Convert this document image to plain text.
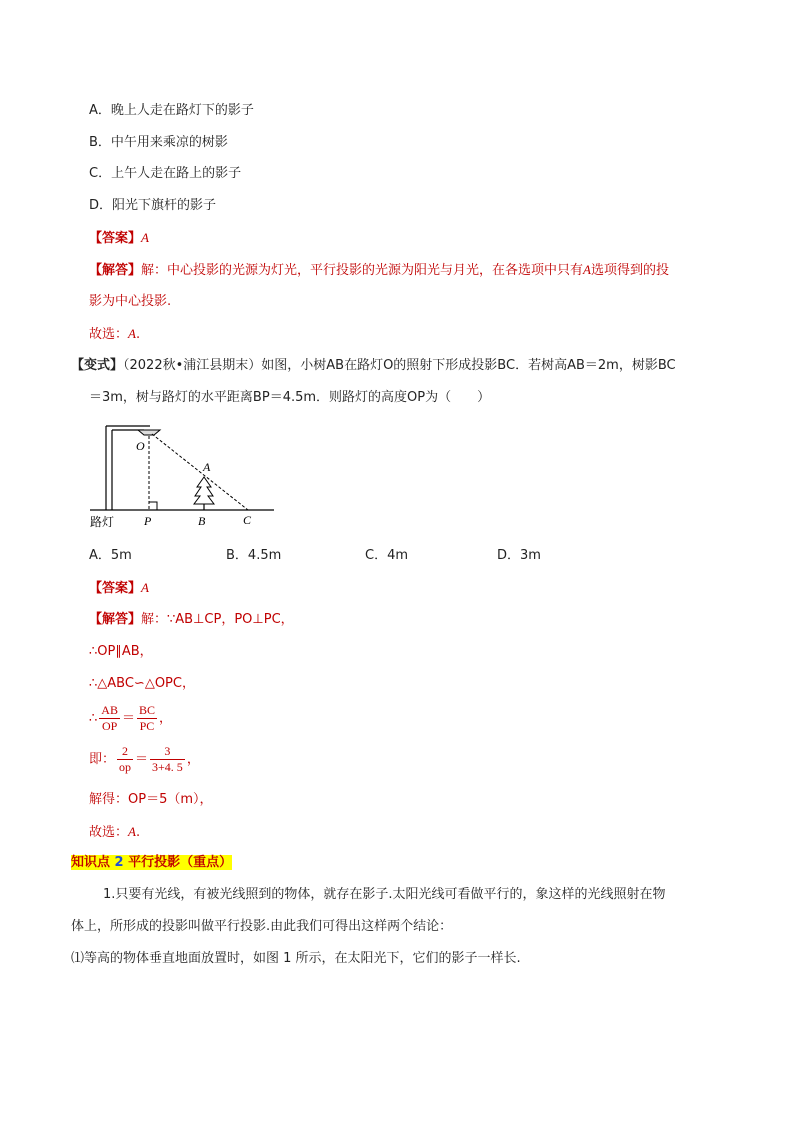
A．晚上人走在路灯下的影子
B．中午用来乘凉的树影
C．上午人走在路上的影子
D．阳光下旗杆的影子
【答案】A
【解答】解：中心投影的光源为灯光，平行投影的光源为阳光与月光，在各选项中只有A选项得到的投
影为中心投影.
故选：A.
【变式】（2022秋•浦江县期末）如图，小树AB在路灯O的照射下形成投影BC．若树高AB＝2m，树影BC
＝3m，树与路灯的水平距离BP＝4.5m．则路灯的高度OP为（　　）
O
A
P	B	C
路灯
A．5m	B．4.5m	C．4m	D．3m
【答案】A
【解答】解：∵AB⊥CP，PO⊥PC，
∴OP∥AB，
∴△ABC∽△OPC，
∴ $\frac{AB}{OP} = \frac{BC}{PC}$ ，
即： $\frac{2}{op} = \frac{3}{3+4. 5}$ ，
解得：OP＝5（m），
故选：A.
知识点 2 平行投影（重点）
1.只要有光线，有被光线照到的物体，就存在影子.太阳光线可看做平行的，象这样的光线照射在物
体上，所形成的投影叫做平行投影.由此我们可得出这样两个结论：
⑴等高的物体垂直地面放置时，如图 1 所示，在太阳光下，它们的影子一样长.
